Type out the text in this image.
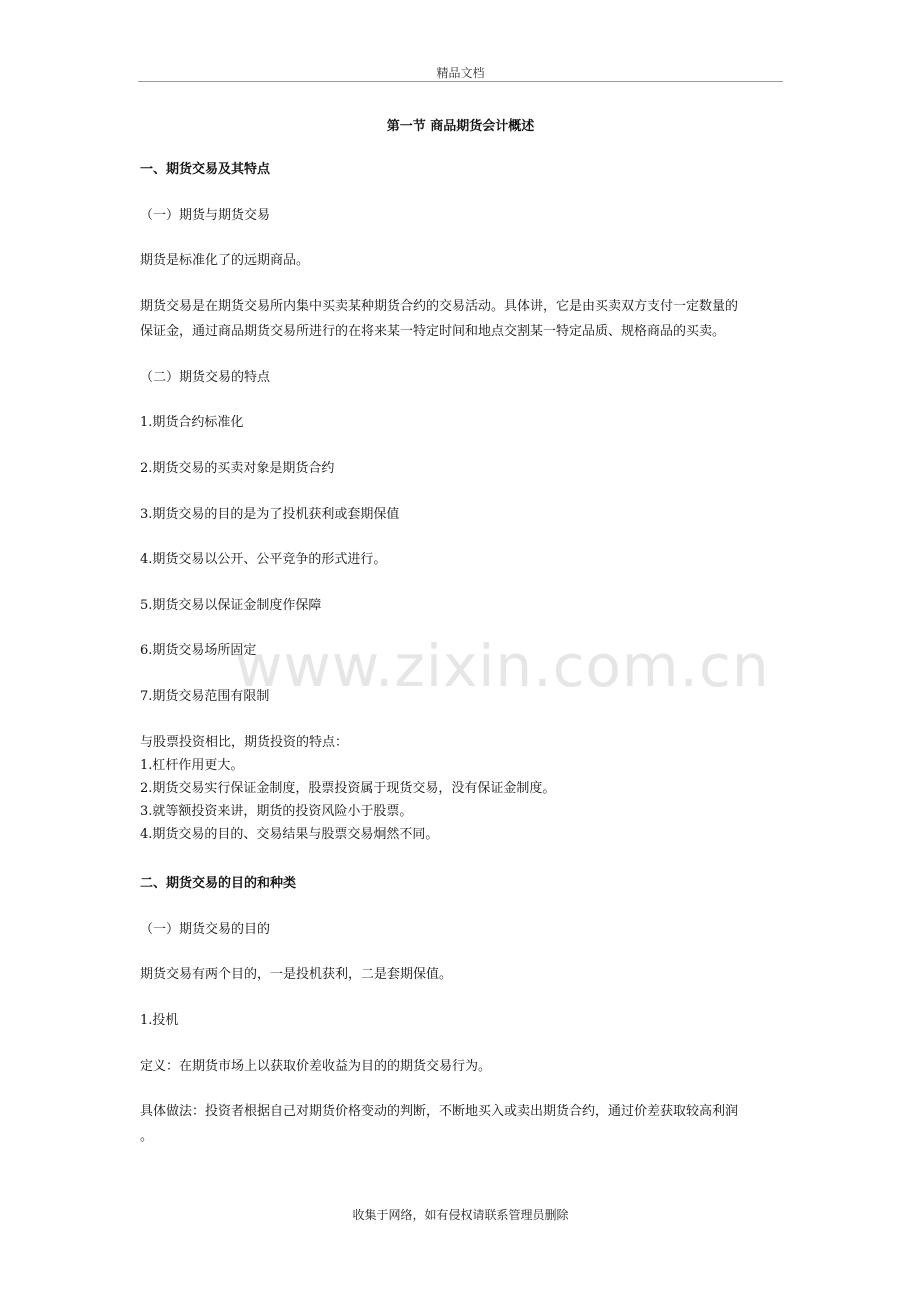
精品文档
www.zixin.com.cn
第一节 商品期货会计概述
一、期货交易及其特点
（一）期货与期货交易
期货是标准化了的远期商品。
期货交易是在期货交易所内集中买卖某种期货合约的交易活动。具体讲，它是由买卖双方支付一定数量的
保证金，通过商品期货交易所进行的在将来某一特定时间和地点交割某一特定品质、规格商品的买卖。
（二）期货交易的特点
1.期货合约标准化
2.期货交易的买卖对象是期货合约
3.期货交易的目的是为了投机获利或套期保值
4.期货交易以公开、公平竞争的形式进行。
5.期货交易以保证金制度作保障
6.期货交易场所固定
7.期货交易范围有限制
与股票投资相比，期货投资的特点：
1.杠杆作用更大。
2.期货交易实行保证金制度，股票投资属于现货交易，没有保证金制度。
3.就等额投资来讲，期货的投资风险小于股票。
4.期货交易的目的、交易结果与股票交易炯然不同。
二、期货交易的目的和种类
（一）期货交易的目的
期货交易有两个目的，一是投机获利，二是套期保值。
1.投机
定义：在期货市场上以获取价差收益为目的的期货交易行为。
具体做法：投资者根据自己对期货价格变动的判断，不断地买入或卖出期货合约，通过价差获取较高利润
。
收集于网络，如有侵权请联系管理员删除
